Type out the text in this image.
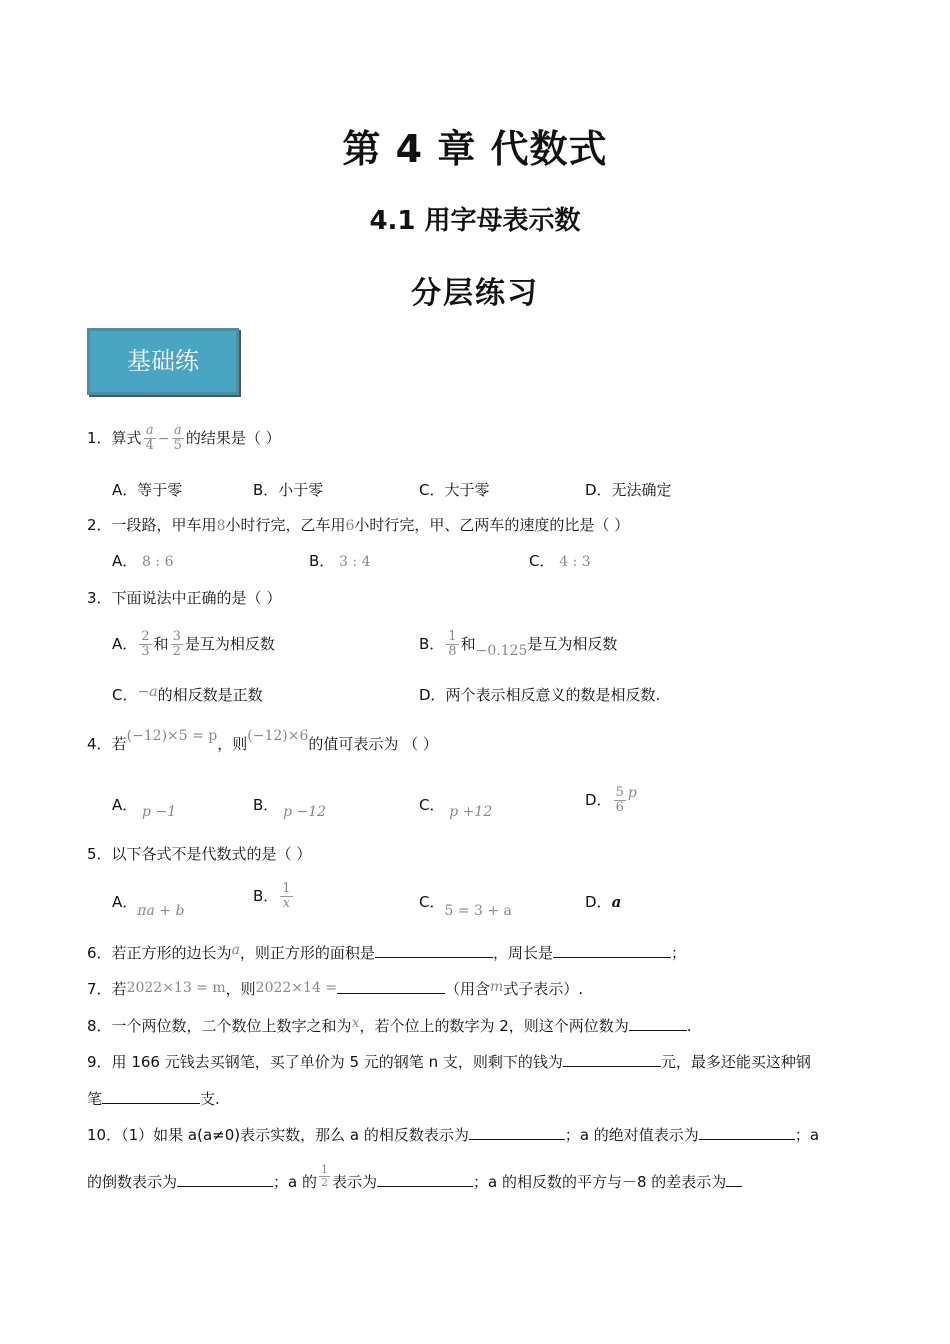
第 4 章 代数式
4.1 用字母表示数
分层练习
基础练
1．算式 $\frac{a}{4} - \frac{a}{5}$ 的结果是（ ）
A．等于零	B．小于零	C．大于零	D．无法确定
2．一段路，甲车用8小时行完，乙车用6小时行完，甲、乙两车的速度的比是（ ）
A． 8 : 6	B． 3 : 4	C． 4 : 3
3．下面说法中正确的是（ ）
A． $\frac{2}{3}$ 和 $\frac{3}{2}$ 是互为相反数	B． $\frac{1}{8}$ 和−0.125是互为相反数
C．−a的相反数是正数	D．两个表示相反意义的数是相反数.
4．若(−12)×5 = p，则(−12)×6的值可表示为 （ ）
A． p −1	B． p −12	C． p +12
D． $\frac{5}{6}$ p
5．以下各式不是代数式的是（ ）
A．πa + b
B． $\frac{1}{x}$	C．5 = 3 + a	D．a
6．若正方形的边长为a，则正方形的面积是	，周长是	；
7．若2022×13 = m，则2022×14 =	（用含m式子表示）.
8．一个两位数，二个数位上数字之和为x，若个位上的数字为 2，则这个两位数为	.
9．用 166 元钱去买钢笔，买了单价为 5 元的钢笔 n 支，则剩下的钱为	元，最多还能买这种钢
笔	支.
10．（1）如果 a(a≠0)表示实数，那么 a 的相反数表示为	；a 的绝对值表示为	；a
的倒数表示为	；a 的 $\frac{1}{2}$ 表示为	；a 的相反数的平方与－8 的差表示为
